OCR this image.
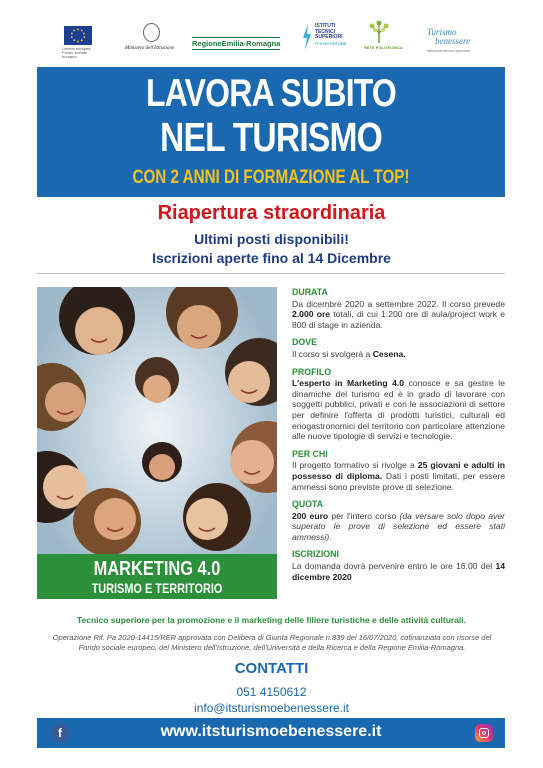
Unione europea Fondo sociale europeo
Ministero dell'Istruzione
RegioneEmilia-Romagna
ISTITUTI
TECNICI
SUPERIORI
IT'S MY FUTURE
RETE POLITECNICA
Turismo
benessere
istituzione tecnico superiore
LAVORA SUBITO
NEL TURISMO
CON 2 ANNI DI FORMAZIONE AL TOP!
Riapertura straordinaria
Ultimi posti disponibili!
Iscrizioni aperte fino al 14 Dicembre
MARKETING 4.0
TURISMO E TERRITORIO
DURATA

Da dicembre 2020 a settembre 2022. Il corso prevede 2.000 ore totali, di cui 1.200 ore di aula/project work e 800 di stage in azienda.

DOVE

Il corso si svolgerà a Cesena.

PROFILO

L'esperto in Marketing 4.0 conosce e sa gestire le dinamiche del turismo ed è in grado di lavorare con soggetti pubblici, privati e con le associazioni di settore per definire l'offerta di prodotti turistici, culturali ed enogastronomici del territorio con particolare attenzione alle nuove tipologie di servizi e tecnologie.

PER CHI

Il progetto formativo si rivolge a 25 giovani e adulti in possesso di diploma. Dati i posti limitati, per essere ammessi sono previste prove di selezione.

QUOTA

200 euro per l'intero corso (da versare solo dopo aver superato le prove di selezione ed essere stati ammessi).

ISCRIZIONI

La domanda dovrà pervenire entro le ore 16.00 del 14 dicembre 2020

Tecnico superiore per la promozione e il marketing delle filiere turistiche e delle attività culturali.
Operazione Rif. Pa 2020-14415/RER approvata con Delibera di Giunta Regionale n.839 del 16/07/2020, cofinanziata con risorse del Fondo sociale europeo, del Ministero dell'Istruzione, dell'Università e della Ricerca e della Regione Emilia-Romagna.
CONTATTI
051 4150612
info@itsturismoebenessere.it
f	www.itsturismoebenessere.it
